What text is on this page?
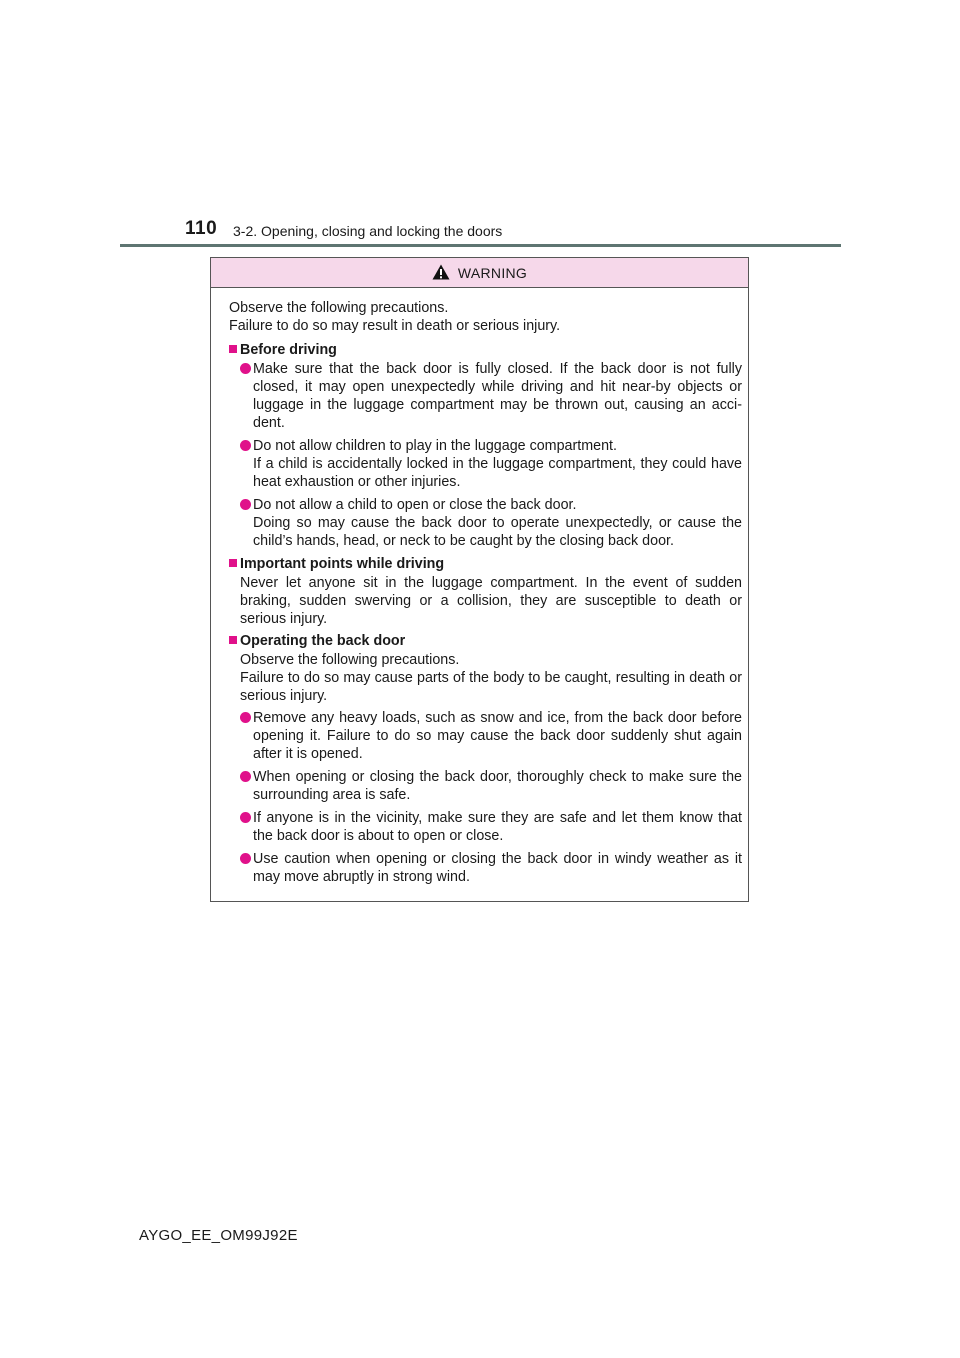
110 3-2. Opening, closing and locking the doors
WARNING
Observe the following precautions.
Failure to do so may result in death or serious injury.
Before driving
Make sure that the back door is fully closed. If the back door is not fully closed, it may open unexpectedly while driving and hit near-by objects or luggage in the luggage compartment may be thrown out, causing an acci-dent.
Do not allow children to play in the luggage compartment.
If a child is accidentally locked in the luggage compartment, they could have heat exhaustion or other injuries.
Do not allow a child to open or close the back door.
Doing so may cause the back door to operate unexpectedly, or cause the child’s hands, head, or neck to be caught by the closing back door.
Important points while driving
Never let anyone sit in the luggage compartment. In the event of sudden braking, sudden swerving or a collision, they are susceptible to death or serious injury.
Operating the back door
Observe the following precautions.
Failure to do so may cause parts of the body to be caught, resulting in death or serious injury.
Remove any heavy loads, such as snow and ice, from the back door before opening it. Failure to do so may cause the back door suddenly shut again after it is opened.
When opening or closing the back door, thoroughly check to make sure the surrounding area is safe.
If anyone is in the vicinity, make sure they are safe and let them know that the back door is about to open or close.
Use caution when opening or closing the back door in windy weather as it may move abruptly in strong wind.
AYGO_EE_OM99J92E
